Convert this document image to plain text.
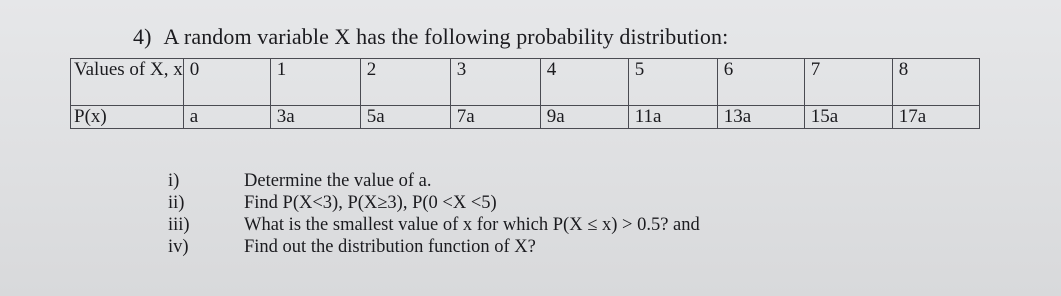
4) A random variable X has the following probability distribution:
Values of X, x	0	1	2	3	4	5	6	7	8
P(x)	a	3a	5a	7a	9a	11a	13a	15a	17a
i)	Determine the value of a.
ii)	Find P(X<3), P(X≥3), P(0 <X <5)
iii)	What is the smallest value of x for which P(X ≤ x) > 0.5? and
iv)	Find out the distribution function of X?
